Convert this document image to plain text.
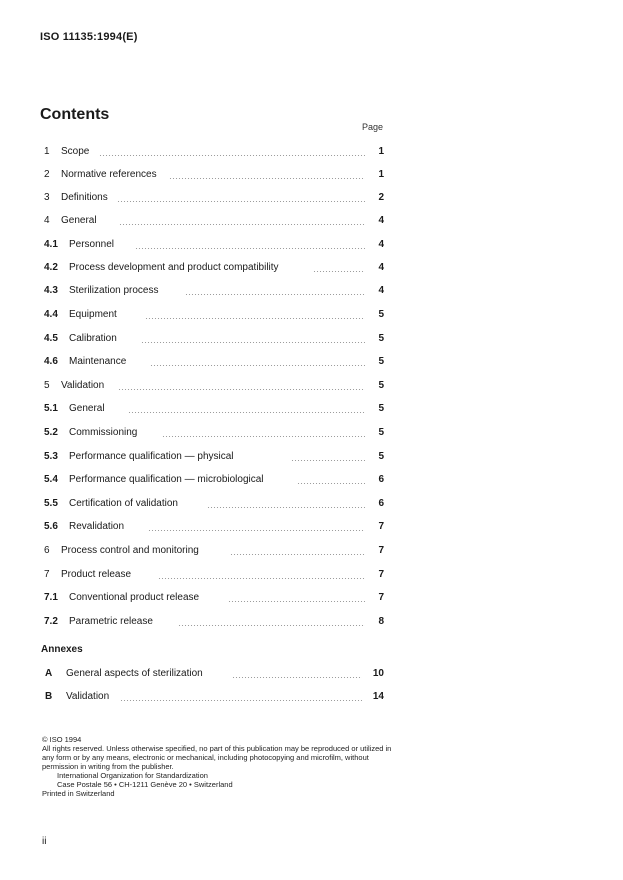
ISO 11135:1994(E)
Contents
Page
1 Scope	1
2 Normative references	1
3 Definitions	2
4 General	4
4.1 Personnel	4
4.2 Process development and product compatibility	4
4.3 Sterilization process	4
4.4 Equipment	5
4.5 Calibration	5
4.6 Maintenance	5
5 Validation	5
5.1 General	5
5.2 Commissioning	5
5.3 Performance qualification — physical	5
5.4 Performance qualification — microbiological	6
5.5 Certification of validation	6
5.6 Revalidation	7
6 Process control and monitoring	7
7 Product release	7
7.1 Conventional product release	7
7.2 Parametric release	8
Annexes
A General aspects of sterilization	10
B Validation	14

© ISO 1994

All rights reserved. Unless otherwise specified, no part of this publication may be reproduced or utilized in any form or by any means, electronic or mechanical, including photocopying and microfilm, without permission in writing from the publisher.

International Organization for Standardization

Case Postale 56 • CH-1211 Genève 20 • Switzerland

Printed in Switzerland

ii
